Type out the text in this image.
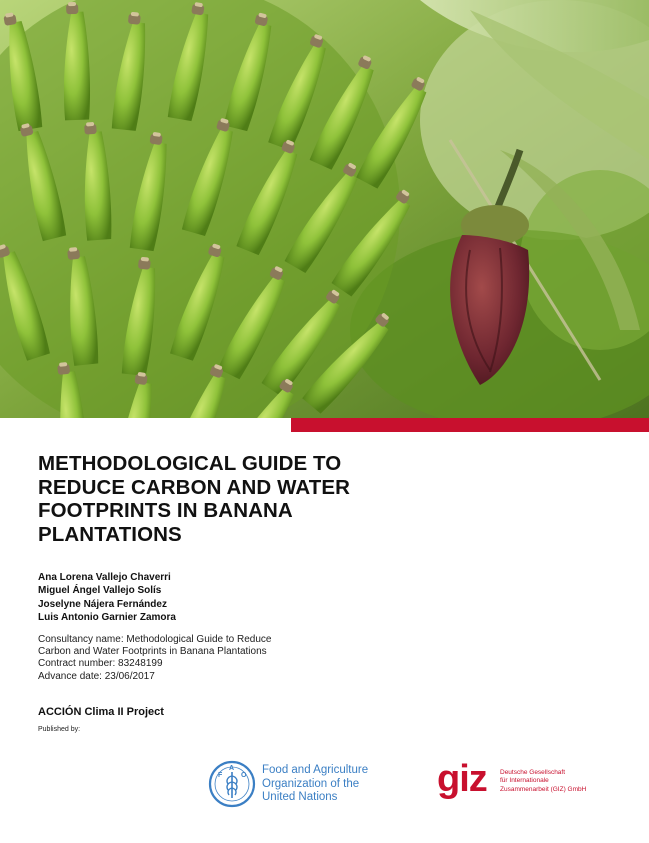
METHODOLOGICAL GUIDE TO
REDUCE CARBON AND WATER
FOOTPRINTS IN BANANA
PLANTATIONS
Ana Lorena Vallejo Chaverri
Miguel Ángel Vallejo Solís
Joselyne Nájera Fernández
Luis Antonio Garnier Zamora
Consultancy name: Methodological Guide to Reduce
Carbon and Water Footprints in Banana Plantations
Contract number: 83248199
Advance date: 23/06/2017
ACCIÓN Clima II Project
Published by:
F
A
O Food and Agriculture
Organization of the
United Nations	giz Deutsche Gesellschaft
für Internationale
Zusammenarbeit (GIZ) GmbH
